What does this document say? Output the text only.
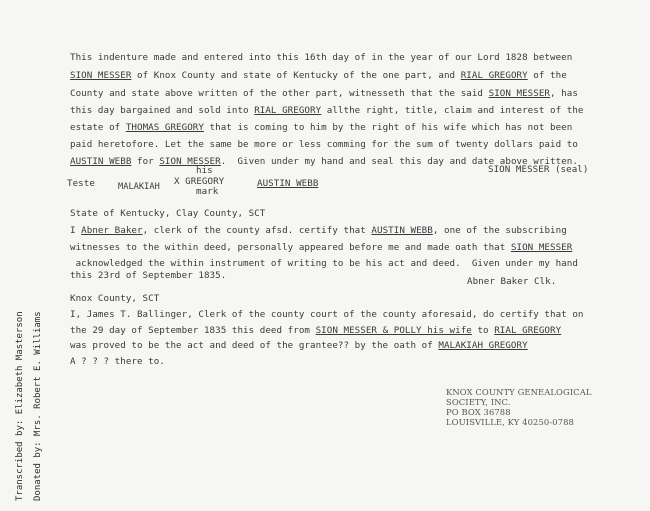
This indenture made and entered into this 16th day of in the year of our Lord 1828 between
SION MESSER of Knox County and state of Kentucky of the one part, and RIAL GREGORY of the
County and state above written of the other part, witnesseth that the said SION MESSER, has
this day bargained and sold into RIAL GREGORY allthe right, title, claim and interest of the
estate of THOMAS GREGORY that is coming to him by the right of his wife which has not been
paid heretofore. Let the same be more or less comming for the sum of twenty dollars paid to
AUSTIN WEBB for SION MESSER.  Given under my hand and seal this day and date above written.
SION MESSER (seal)
his
Teste	MALAKIAH	X GREGORY
mark
AUSTIN WEBB
State of Kentucky, Clay County, SCT
I Abner Baker, clerk of the county afsd. certify that AUSTIN WEBB, one of the subscribing
witnesses to the within deed, personally appeared before me and made oath that SION MESSER
acknowledged the within instrument of writing to be his act and deed.  Given under my hand
this 23rd of September 1835.
Abner Baker Clk.
Knox County, SCT
I, James T. Ballinger, Clerk of the county court of the county aforesaid, do certify that on
the 29 day of September 1835 this deed from SION MESSER & POLLY his wife to RIAL GREGORY
was proved to be the act and deed of the grantee?? by the oath of MALAKIAH GREGORY
A ? ? ? there to.
Transcribed by: Elizabeth Masterson Donated by: Mrs. Robert E. Williams	KNOX COUNTY GENEALOGICAL
SOCIETY, INC.
PO BOX 36788
LOUISVILLE, KY 40250-0788
